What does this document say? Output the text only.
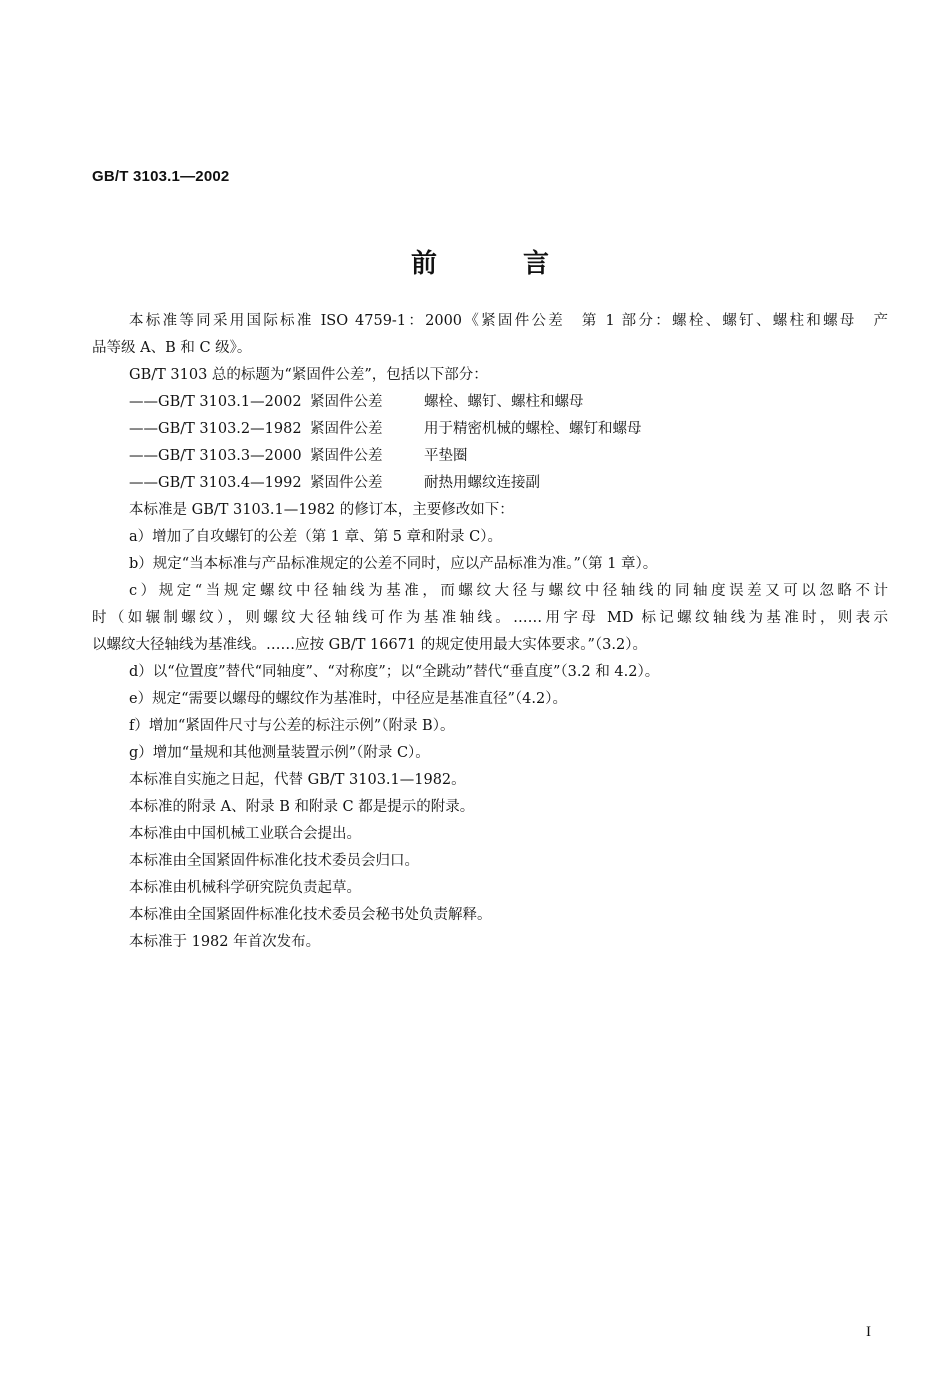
GB/T 3103.1—2002
前	言
本标准等同采用国际标准 ISO 4759-1：2000《紧固件公差　第 1 部分：螺栓、螺钉、螺柱和螺母　产
品等级 A、B 和 C 级》。
GB/T 3103 总的标题为“紧固件公差”，包括以下部分：
——GB/T 3103.1—2002 紧固件公差	螺栓、螺钉、螺柱和螺母
——GB/T 3103.2—1982 紧固件公差	用于精密机械的螺栓、螺钉和螺母
——GB/T 3103.3—2000 紧固件公差	平垫圈
——GB/T 3103.4—1992 紧固件公差	耐热用螺纹连接副
本标准是 GB/T 3103.1—1982 的修订本，主要修改如下：
a）增加了自攻螺钉的公差（第 1 章、第 5 章和附录 C）。
b）规定“当本标准与产品标准规定的公差不同时，应以产品标准为准。”（第 1 章）。
c）规定“当规定螺纹中径轴线为基准，而螺纹大径与螺纹中径轴线的同轴度误差又可以忽略不计
时（如辗制螺纹），则螺纹大径轴线可作为基准轴线。……用字母 MD 标记螺纹轴线为基准时，则表示
以螺纹大径轴线为基准线。……应按 GB/T 16671 的规定使用最大实体要求。”（3.2）。
d）以“位置度”替代“同轴度”、“对称度”；以“全跳动”替代“垂直度”（3.2 和 4.2）。
e）规定“需要以螺母的螺纹作为基准时，中径应是基准直径”（4.2）。
f）增加“紧固件尺寸与公差的标注示例”（附录 B）。
g）增加“量规和其他测量装置示例”（附录 C）。
本标准自实施之日起，代替 GB/T 3103.1—1982。
本标准的附录 A、附录 B 和附录 C 都是提示的附录。
本标准由中国机械工业联合会提出。
本标准由全国紧固件标准化技术委员会归口。
本标准由机械科学研究院负责起草。
本标准由全国紧固件标准化技术委员会秘书处负责解释。
本标准于 1982 年首次发布。
I
